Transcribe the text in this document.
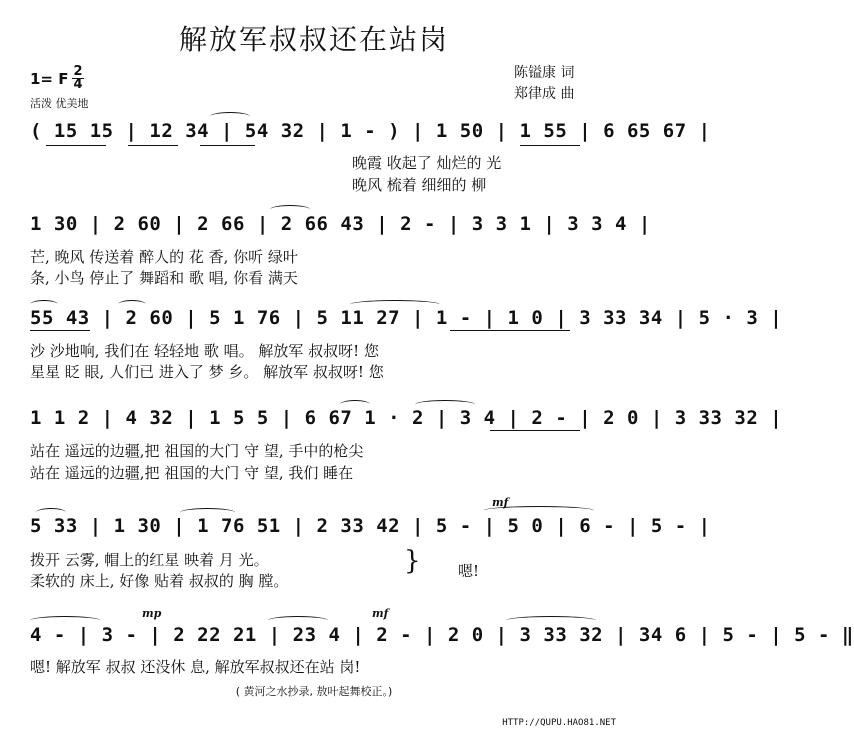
解放军叔叔还在站岗
1= F 2
4
活泼 优美地
陈镒康 词
郑律成 曲
( 15 15 | 12 34 | 54 32 | 1 - ) | 1 50 | 1 55 | 6 65 67 |
晚霞 收起了 灿烂的 光
晚风 梳着 细细的 柳
1 30 | 2 60 | 2 66 | 2 66 43 | 2 - | 3 3 1 | 3 3 4 |
芒, 晚风 传送着 醉人的 花 香, 你听 绿叶
条, 小鸟 停止了 舞蹈和 歌 唱, 你看 满天
55 43 | 2 60 | 5 1 76 | 5 11 27 | 1 - | 1 0 | 3 33 34 | 5 · 3 |
沙 沙地响, 我们在 轻轻地 歌 唱。 解放军 叔叔呀! 您
星星 眨 眼, 人们已 进入了 梦 乡。 解放军 叔叔呀! 您
1 1 2 | 4 32 | 1 5 5 | 6 67 1 · 2 | 3 4 | 2 - | 2 0 | 3 33 32 |
站在 遥远的边疆,把 祖国的大门 守 望, 手中的枪尖
站在 遥远的边疆,把 祖国的大门 守 望, 我们 睡在
mf
5 33 | 1 30 | 1 76 51 | 2 33 42 | 5 - | 5 0 | 6 - | 5 - |
拨开 云雾, 帽上的红星 映着 月 光。
柔软的 床上, 好像 贴着 叔叔的 胸 膛。
} 嗯!
mp	mf
4 - | 3 - | 2 22 21 | 23 4 | 2 - | 2 0 | 3 33 32 | 34 6 | 5 - | 5 - ‖
嗯! 解放军 叔叔 还没休 息, 解放军叔叔还在站 岗!
( 黄河之水抄录, 敖叶起舞校正。)
HTTP://QUPU.HAO81.NET
